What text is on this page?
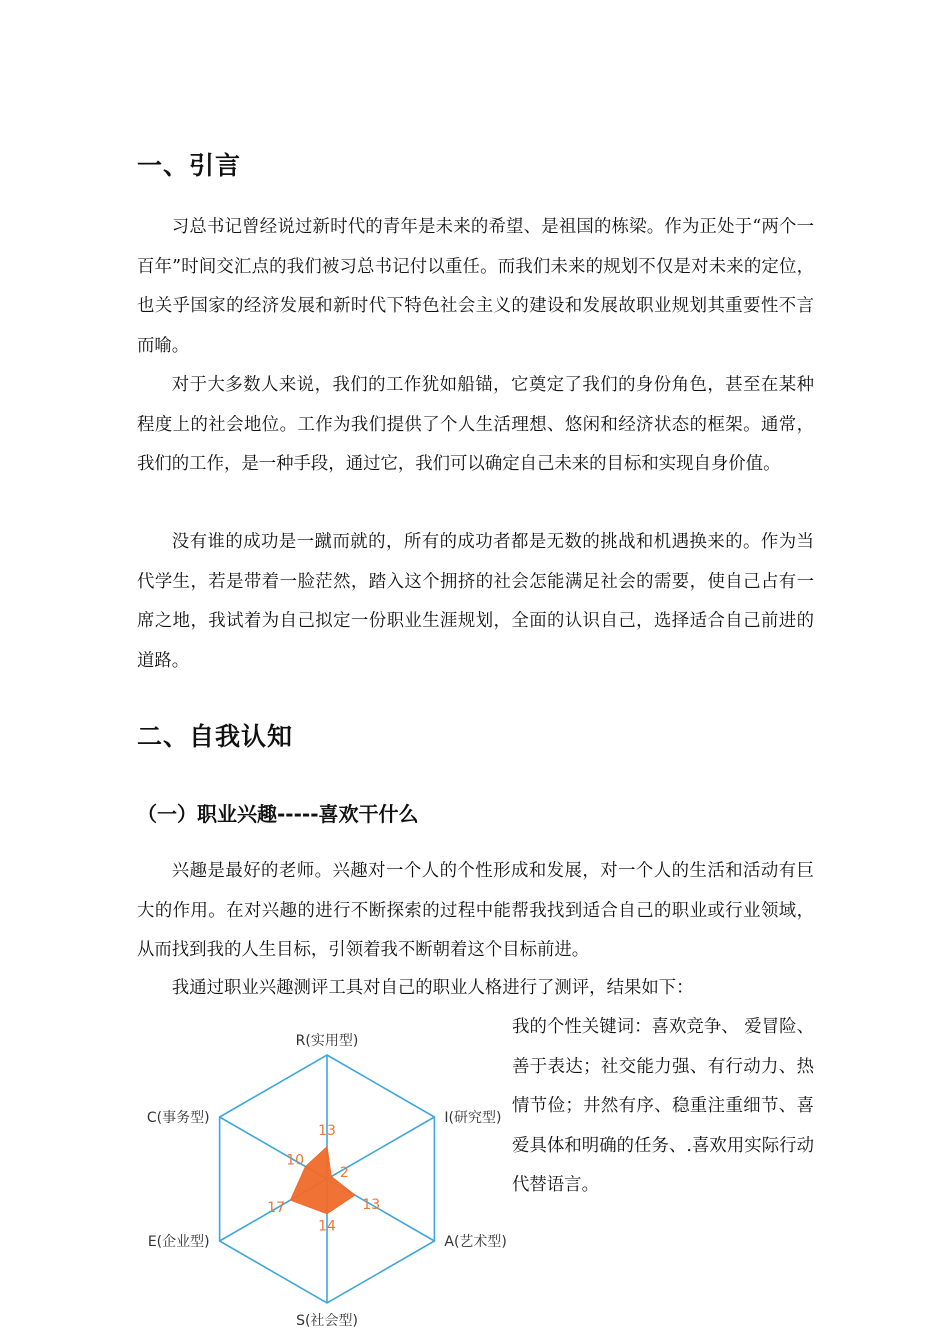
一、引言

习总书记曾经说过新时代的青年是未来的希望、是祖国的栋梁。作为正处于“两个一百年”时间交汇点的我们被习总书记付以重任。而我们未来的规划不仅是对未来的定位，也关乎国家的经济发展和新时代下特色社会主义的建设和发展故职业规划其重要性不言而喻。

对于大多数人来说，我们的工作犹如船锚，它奠定了我们的身份角色，甚至在某种程度上的社会地位。工作为我们提供了个人生活理想、悠闲和经济状态的框架。通常，我们的工作，是一种手段，通过它，我们可以确定自己未来的目标和实现自身价值。

没有谁的成功是一蹴而就的，所有的成功者都是无数的挑战和机遇换来的。作为当代学生，若是带着一脸茫然，踏入这个拥挤的社会怎能满足社会的需要，使自己占有一席之地，我试着为自己拟定一份职业生涯规划，全面的认识自己，选择适合自己前进的道路。

二、自我认知
（一）职业兴趣-----喜欢干什么

兴趣是最好的老师。兴趣对一个人的个性形成和发展，对一个人的生活和活动有巨大的作用。在对兴趣的进行不断探索的过程中能帮我找到适合自己的职业或行业领域，从而找到我的人生目标，引领着我不断朝着这个目标前进。

我通过职业兴趣测评工具对自己的职业人格进行了测评，结果如下：

我的个性关键词：喜欢竞争、 爱冒险、善于表达；社交能力强、有行动力、热情节俭；井然有序、稳重注重细节、喜爱具体和明确的任务、.喜欢用实际行动代替语言。

R(实用型)
I(研究型)
A(艺术型)
S(社会型)
E(企业型)
C(事务型)
13
2
13
14
17
10
